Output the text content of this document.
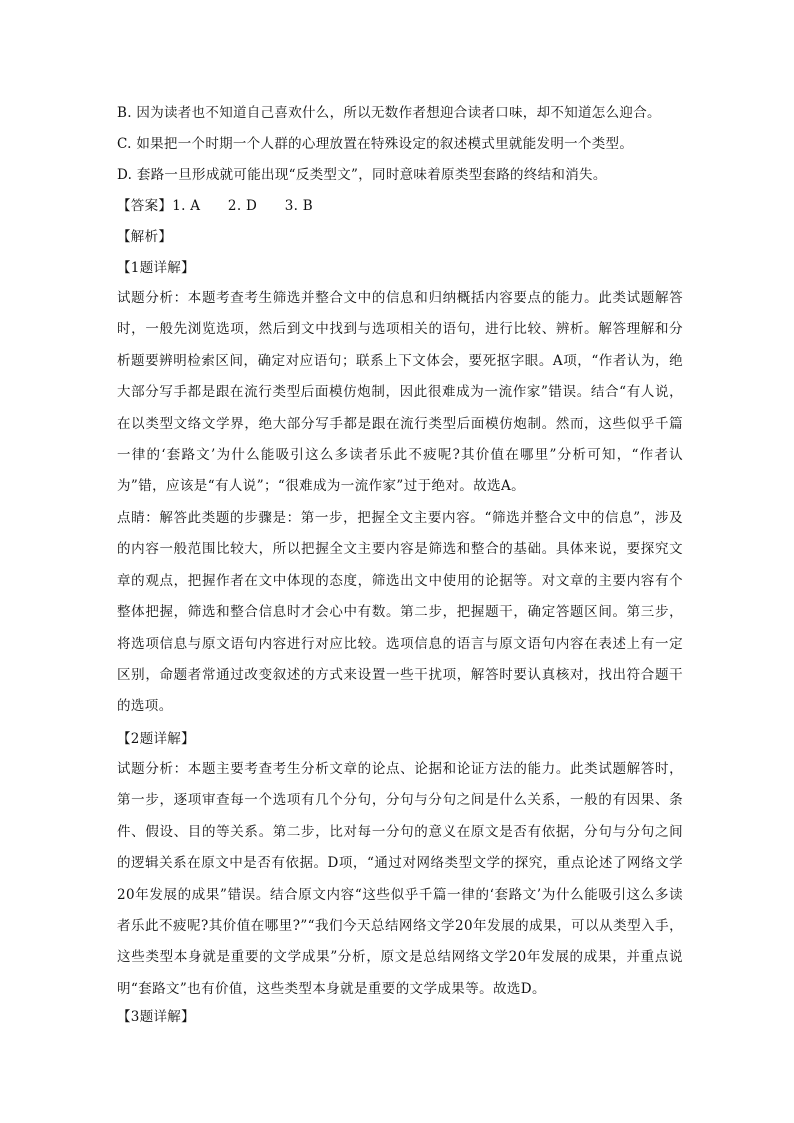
B. 因为读者也不知道自己喜欢什么，所以无数作者想迎合读者口味，却不知道怎么迎合。
C. 如果把一个时期一个人群的心理放置在特殊设定的叙述模式里就能发明一个类型。
D. 套路一旦形成就可能出现“反类型文”，同时意味着原类型套路的终结和消失。
【答案】1. A　　2. D　　3. B
【解析】
【1题详解】
试题分析：本题考查考生筛选并整合文中的信息和归纳概括内容要点的能力。此类试题解答时，一般先浏览选项，然后到文中找到与选项相关的语句，进行比较、辨析。解答理解和分析题要辨明检索区间，确定对应语句；联系上下文体会，要死抠字眼。A项，“作者认为，绝大部分写手都是跟在流行类型后面模仿炮制，因此很难成为一流作家”错误。结合“有人说，在以类型文络文学界，绝大部分写手都是跟在流行类型后面模仿炮制。然而，这些似乎千篇一律的‘套路文’为什么能吸引这么多读者乐此不疲呢?其价值在哪里”分析可知，“作者认为”错，应该是“有人说”；“很难成为一流作家”过于绝对。故选A。
点睛：解答此类题的步骤是：第一步，把握全文主要内容。“筛选并整合文中的信息”，涉及的内容一般范围比较大，所以把握全文主要内容是筛选和整合的基础。具体来说，要探究文章的观点，把握作者在文中体现的态度，筛选出文中使用的论据等。对文章的主要内容有个整体把握，筛选和整合信息时才会心中有数。第二步，把握题干，确定答题区间。第三步，将选项信息与原文语句内容进行对应比较。选项信息的语言与原文语句内容在表述上有一定区别，命题者常通过改变叙述的方式来设置一些干扰项，解答时要认真核对，找出符合题干的选项。
【2题详解】
试题分析：本题主要考查考生分析文章的论点、论据和论证方法的能力。此类试题解答时，第一步，逐项审查每一个选项有几个分句，分句与分句之间是什么关系，一般的有因果、条件、假设、目的等关系。第二步，比对每一分句的意义在原文是否有依据，分句与分句之间的逻辑关系在原文中是否有依据。D项，“通过对网络类型文学的探究，重点论述了网络文学20年发展的成果”错误。结合原文内容“这些似乎千篇一律的‘套路文’为什么能吸引这么多读者乐此不疲呢?其价值在哪里?”“我们今天总结网络文学20年发展的成果，可以从类型入手，这些类型本身就是重要的文学成果”分析，原文是总结网络文学20年发展的成果，并重点说明“套路文”也有价值，这些类型本身就是重要的文学成果等。故选D。
【3题详解】
